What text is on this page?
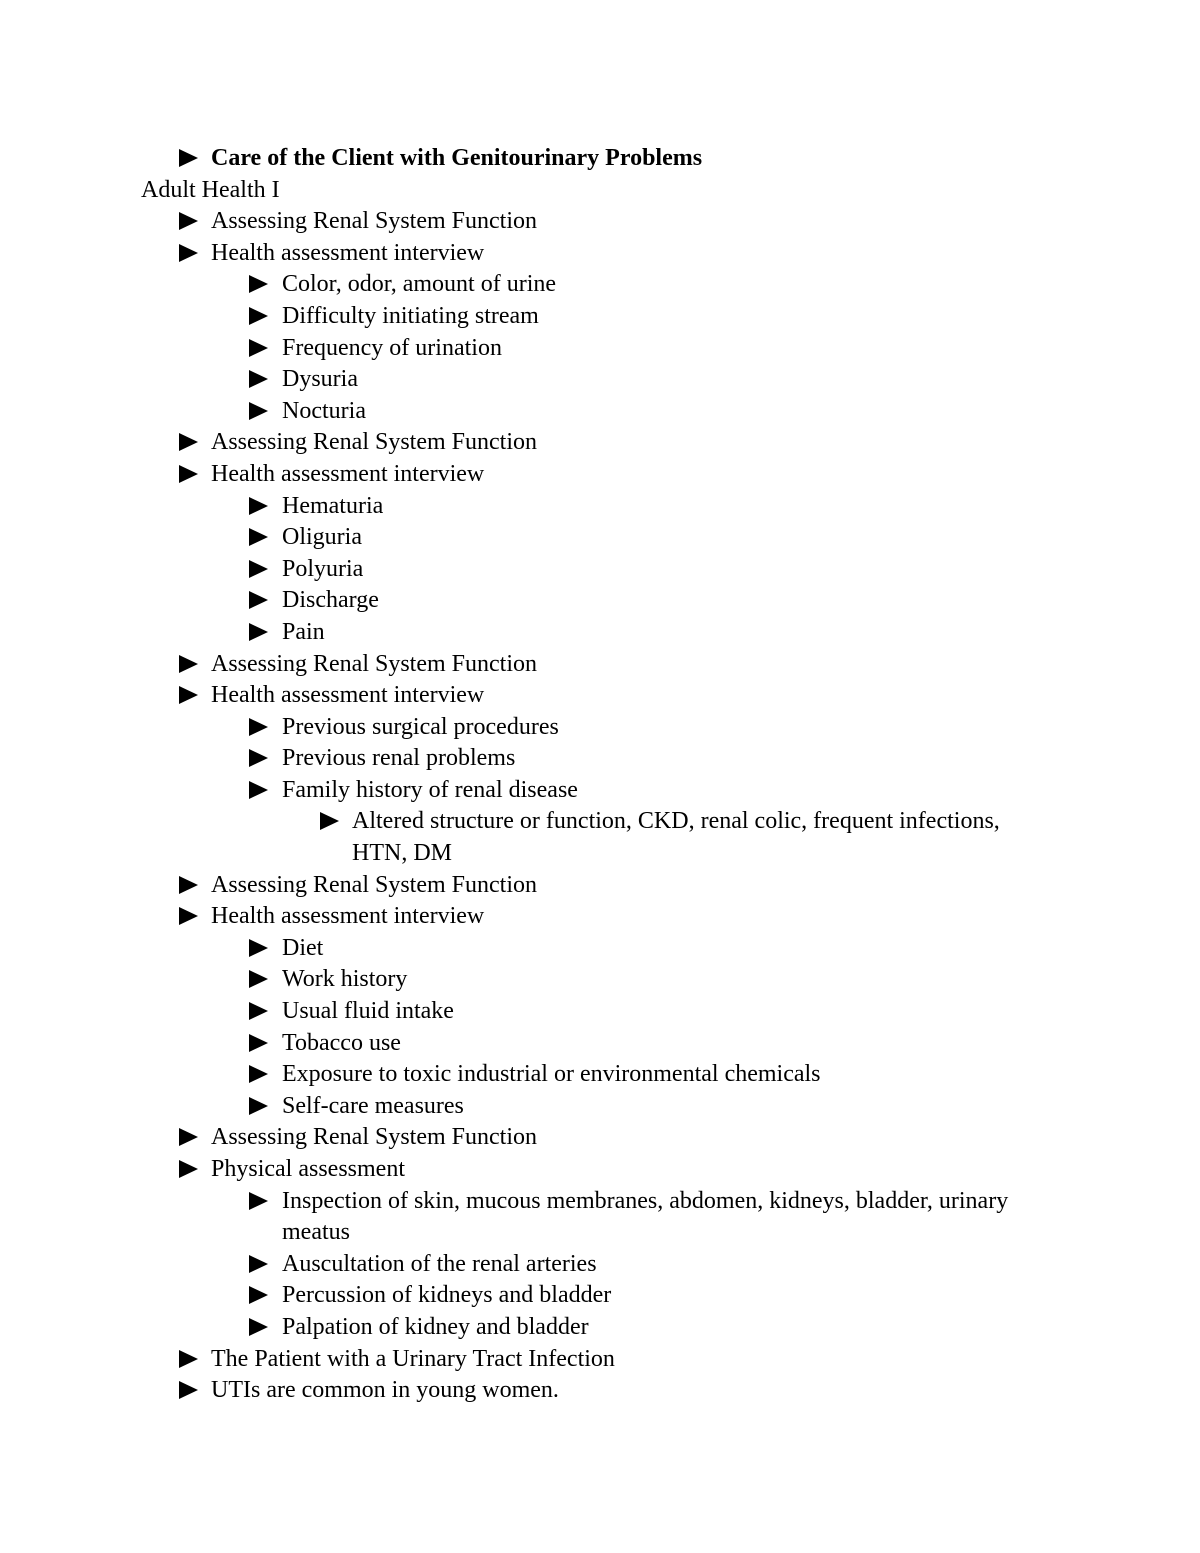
Care of the Client with Genitourinary Problems
Adult Health I
Assessing Renal System Function
Health assessment interview
Color, odor, amount of urine
Difficulty initiating stream
Frequency of urination
Dysuria
Nocturia
Assessing Renal System Function
Health assessment interview
Hematuria
Oliguria
Polyuria
Discharge
Pain
Assessing Renal System Function
Health assessment interview
Previous surgical procedures
Previous renal problems
Family history of renal disease
Altered structure or function, CKD, renal colic, frequent infections, HTN, DM
Assessing Renal System Function
Health assessment interview
Diet
Work history
Usual fluid intake
Tobacco use
Exposure to toxic industrial or environmental chemicals
Self-care measures
Assessing Renal System Function
Physical assessment
Inspection of skin, mucous membranes, abdomen, kidneys, bladder, urinary meatus
Auscultation of the renal arteries
Percussion of kidneys and bladder
Palpation of kidney and bladder
The Patient with a Urinary Tract Infection
UTIs are common in young women.
